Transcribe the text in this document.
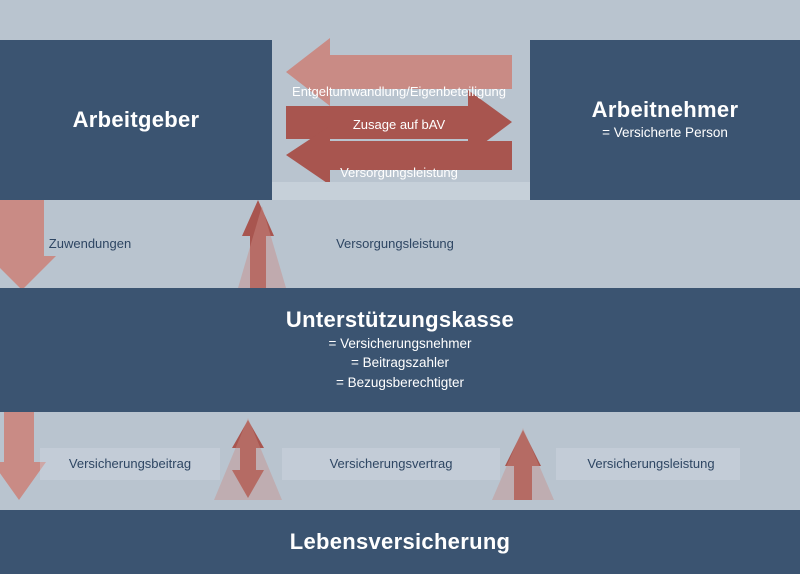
Arbeitgeber	Arbeitnehmer
= Versicherte Person
Unterstützungskasse
= Versicherungsnehmer
= Beitragszahler
= Bezugsberechtigter
Lebensversicherung
Entgeltumwandlung/Eigenbeteiligung
Zusage auf bAV
Versorgungsleistung
Zuwendungen	Versorgungsleistung
Versicherungsbeitrag	Versicherungsvertrag	Versicherungsleistung
